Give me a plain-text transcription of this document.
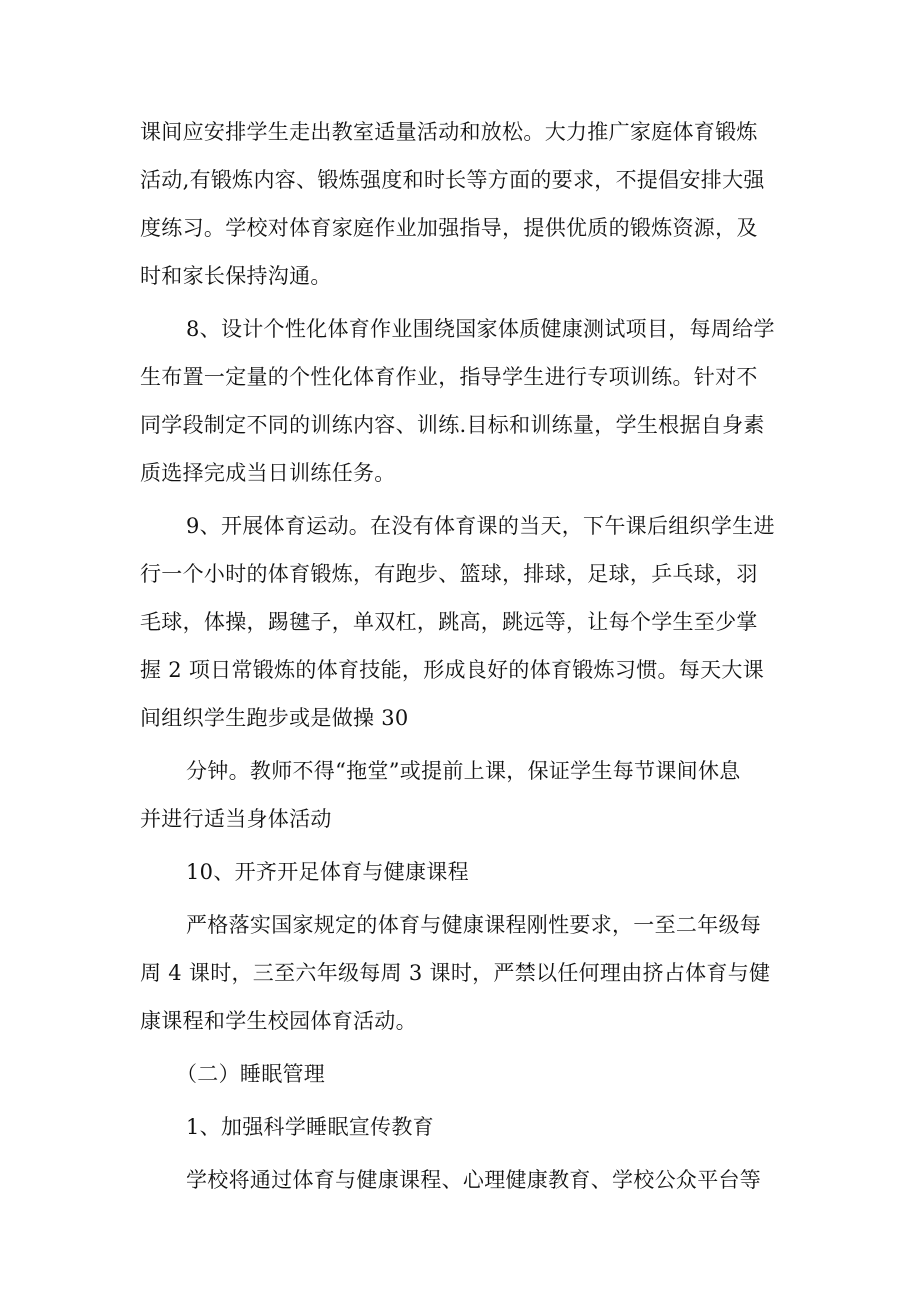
课间应安排学生走出教室适量活动和放松。大力推广家庭体育锻炼
活动,有锻炼内容、锻炼强度和时长等方面的要求，不提倡安排大强
度练习。学校对体育家庭作业加强指导，提供优质的锻炼资源，及
时和家长保持沟通。

8、设计个性化体育作业围绕国家体质健康测试项目，每周给学
生布置一定量的个性化体育作业，指导学生进行专项训练。针对不
同学段制定不同的训练内容、训练.目标和训练量，学生根据自身素
质选择完成当日训练任务。

9、开展体育运动。在没有体育课的当天，下午课后组织学生进
行一个小时的体育锻炼，有跑步、篮球，排球，足球，乒乓球，羽
毛球，体操，踢毽子，单双杠，跳高，跳远等，让每个学生至少掌
握 2 项日常锻炼的体育技能，形成良好的体育锻炼习惯。每天大课
间组织学生跑步或是做操 30

分钟。教师不得“拖堂”或提前上课，保证学生每节课间休息
并进行适当身体活动

10、开齐开足体育与健康课程

严格落实国家规定的体育与健康课程刚性要求，一至二年级每
周 4 课时，三至六年级每周 3 课时，严禁以任何理由挤占体育与健
康课程和学生校园体育活动。

（二）睡眠管理

1、加强科学睡眠宣传教育

学校将通过体育与健康课程、心理健康教育、学校公众平台等
